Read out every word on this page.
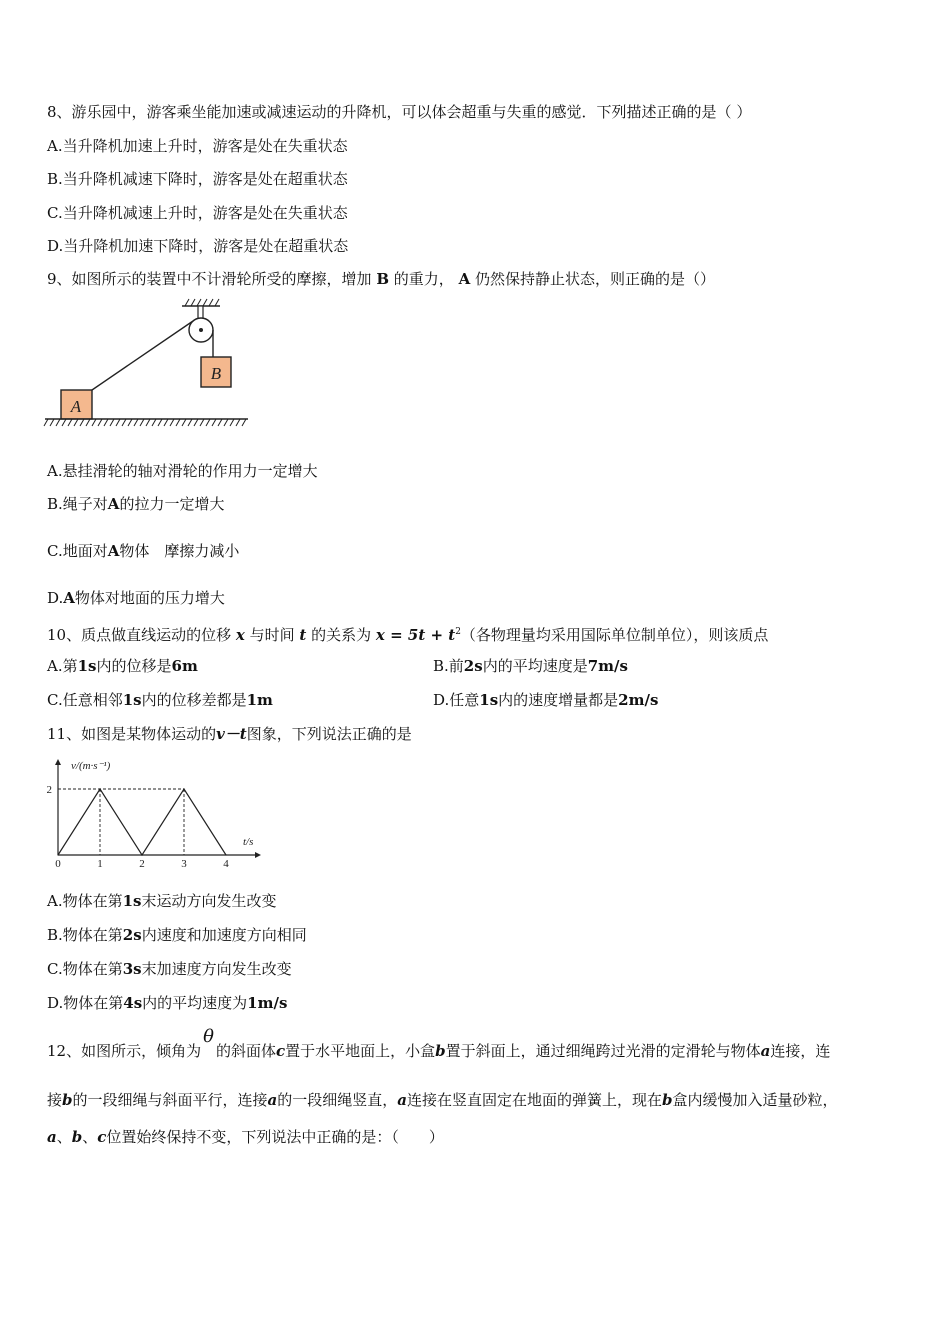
8、游乐园中，游客乘坐能加速或减速运动的升降机，可以体会超重与失重的感觉．下列描述正确的是（ ）
A.当升降机加速上升时，游客是处在失重状态
B.当升降机减速下降时，游客是处在超重状态
C.当升降机减速上升时，游客是处在失重状态
D.当升降机加速下降时，游客是处在超重状态
9、如图所示的装置中不计滑轮所受的摩擦，增加 B 的重力， A 仍然保持静止状态，则正确的是（）
B
A
A.悬挂滑轮的轴对滑轮的作用力一定增大
B.绳子对A的拉力一定增大
C.地面对A物体　摩擦力减小
D.A物体对地面的压力增大
10、质点做直线运动的位移 x 与时间 t 的关系为 $x = 5t + t^2$（各物理量均采用国际单位制单位），则该质点
A.第1s内的位移是6m	B.前2s内的平均速度是7m/s
C.任意相邻1s内的位移差都是1m	D.任意1s内的速度增量都是2m/s
11、如图是某物体运动的v－t图象，下列说法正确的是
0	1	2	3	4
2
v/(m·s⁻¹)
t/s
A.物体在第1s末运动方向发生改变
B.物体在第2s内速度和加速度方向相同
C.物体在第3s末加速度方向发生改变
D.物体在第4s内的平均速度为1m/s
12、如图所示，倾角为θ的斜面体c置于水平地面上，小盒b置于斜面上，通过细绳跨过光滑的定滑轮与物体a连接，连
接b的一段细绳与斜面平行，连接a的一段细绳竖直，a连接在竖直固定在地面的弹簧上，现在b盒内缓慢加入适量砂粒，
a、b、c位置始终保持不变，下列说法中正确的是：（　　）
